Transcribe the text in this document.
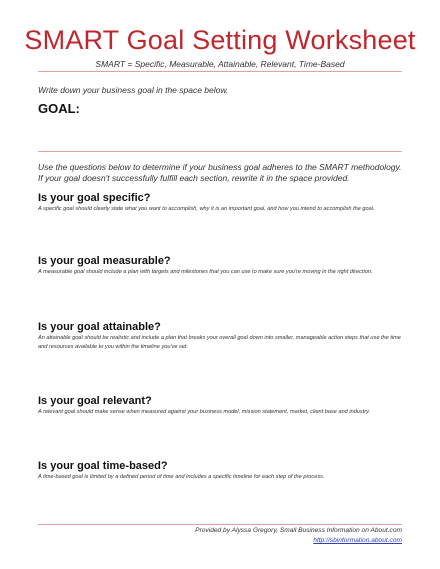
SMART Goal Setting Worksheet
SMART = Specific, Measurable, Attainable, Relevant, Time-Based
Write down your business goal in the space below.
GOAL:
Use the questions below to determine if your business goal adheres to the SMART methodology. If your goal doesn't successfully fulfill each section, rewrite it in the space provided.
Is your goal specific?
A specific goal should clearly state what you want to accomplish, why it is an important goal, and how you intend to accomplish the goal.
Is your goal measurable?
A measurable goal should include a plan with targets and milestones that you can use to make sure you're moving in the right direction.
Is your goal attainable?
An attainable goal should be realistic and include a plan that breaks your overall goal down into smaller, manageable action steps that use the time and resources available to you within the timeline you've set.
Is your goal relevant?
A relevant goal should make sense when measured against your business model, mission statement, market, client base and industry.
Is your goal time-based?
A time-based goal is limited by a defined period of time and includes a specific timeline for each step of the process.
Provided by Alyssa Gregory, Small Business Information on About.com
http://sbinformation.about.com
